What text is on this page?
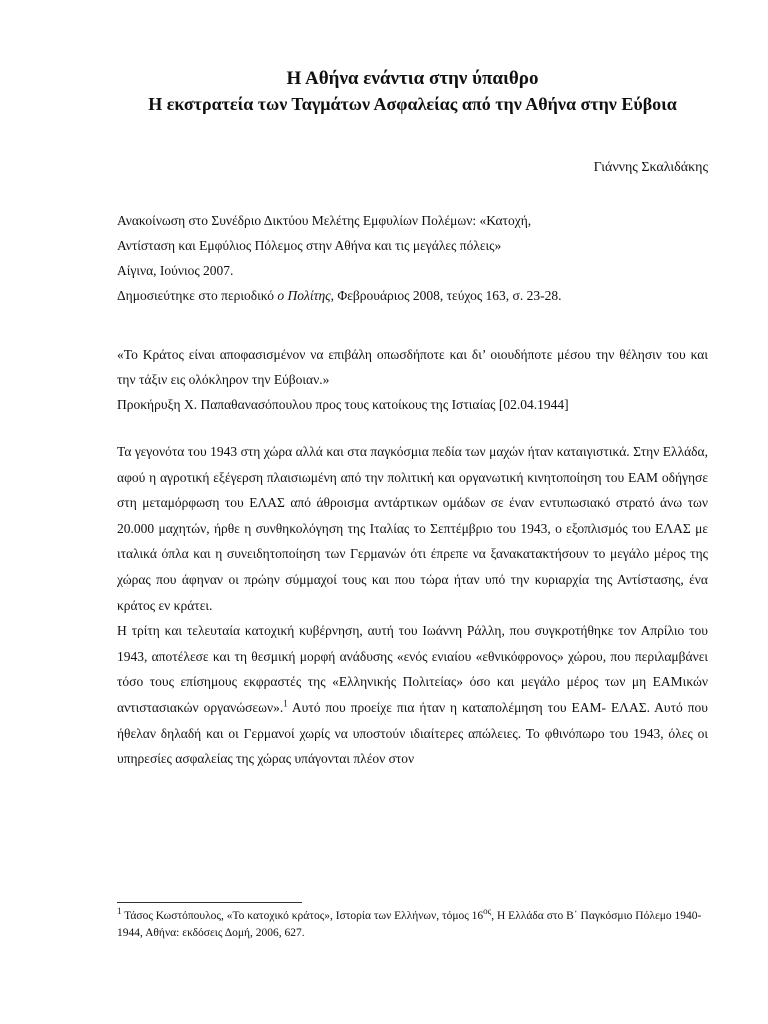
Η Αθήνα ενάντια στην ύπαιθρο
Η εκστρατεία των Ταγμάτων Ασφαλείας από την Αθήνα στην Εύβοια
Γιάννης Σκαλιδάκης
Ανακοίνωση στο Συνέδριο Δικτύου Μελέτης Εμφυλίων Πολέμων: «Κατοχή,
Αντίσταση και Εμφύλιος Πόλεμος στην Αθήνα και τις μεγάλες πόλεις»
Αίγινα, Ιούνιος 2007.
Δημοσιεύτηκε στο περιοδικό ο Πολίτης, Φεβρουάριος 2008, τεύχος 163, σ. 23-28.

«Το Κράτος είναι αποφασισμένον να επιβάλη οπωσδήποτε και δι’ οιουδήποτε μέσου την θέλησιν του και την τάξιν εις ολόκληρον την Εύβοιαν.»

Προκήρυξη Χ. Παπαθανασόπουλου προς τους κατοίκους της Ιστιαίας [02.04.1944]

Τα γεγονότα του 1943 στη χώρα αλλά και στα παγκόσμια πεδία των μαχών ήταν καταιγιστικά. Στην Ελλάδα, αφού η αγροτική εξέγερση πλαισιωμένη από την πολιτική και οργανωτική κινητοποίηση του ΕΑΜ οδήγησε στη μεταμόρφωση του ΕΛΑΣ από άθροισμα αντάρτικων ομάδων σε έναν εντυπωσιακό στρατό άνω των 20.000 μαχητών, ήρθε η συνθηκολόγηση της Ιταλίας το Σεπτέμβριο του 1943, ο εξοπλισμός του ΕΛΑΣ με ιταλικά όπλα και η συνειδητοποίηση των Γερμανών ότι έπρεπε να ξανακατακτήσουν το μεγάλο μέρος της χώρας που άφηναν οι πρώην σύμμαχοί τους και που τώρα ήταν υπό την κυριαρχία της Αντίστασης, ένα κράτος εν κράτει.

Η τρίτη και τελευταία κατοχική κυβέρνηση, αυτή του Ιωάννη Ράλλη, που συγκροτήθηκε τον Απρίλιο του 1943, αποτέλεσε και τη θεσμική μορφή ανάδυσης «ενός ενιαίου «εθνικόφρονος» χώρου, που περιλαμβάνει τόσο τους επίσημους εκφραστές της «Ελληνικής Πολιτείας» όσο και μεγάλο μέρος των μη ΕΑΜικών αντιστασιακών οργανώσεων».$^1$ Αυτό που προείχε πια ήταν η καταπολέμηση του ΕΑΜ- ΕΛΑΣ. Αυτό που ήθελαν δηλαδή και οι Γερμανοί χωρίς να υποστούν ιδιαίτερες απώλειες. Το φθινόπωρο του 1943, όλες οι υπηρεσίες ασφαλείας της χώρας υπάγονται πλέον στον

$^1$ Τάσος Κωστόπουλος, «Το κατοχικό κράτος», Ιστορία των Ελλήνων, τόμος $16^{o\varsigma}$, Η Ελλάδα στο Β΄ Παγκόσμιο Πόλεμο 1940-1944, Αθήνα: εκδόσεις Δομή, 2006, 627.
